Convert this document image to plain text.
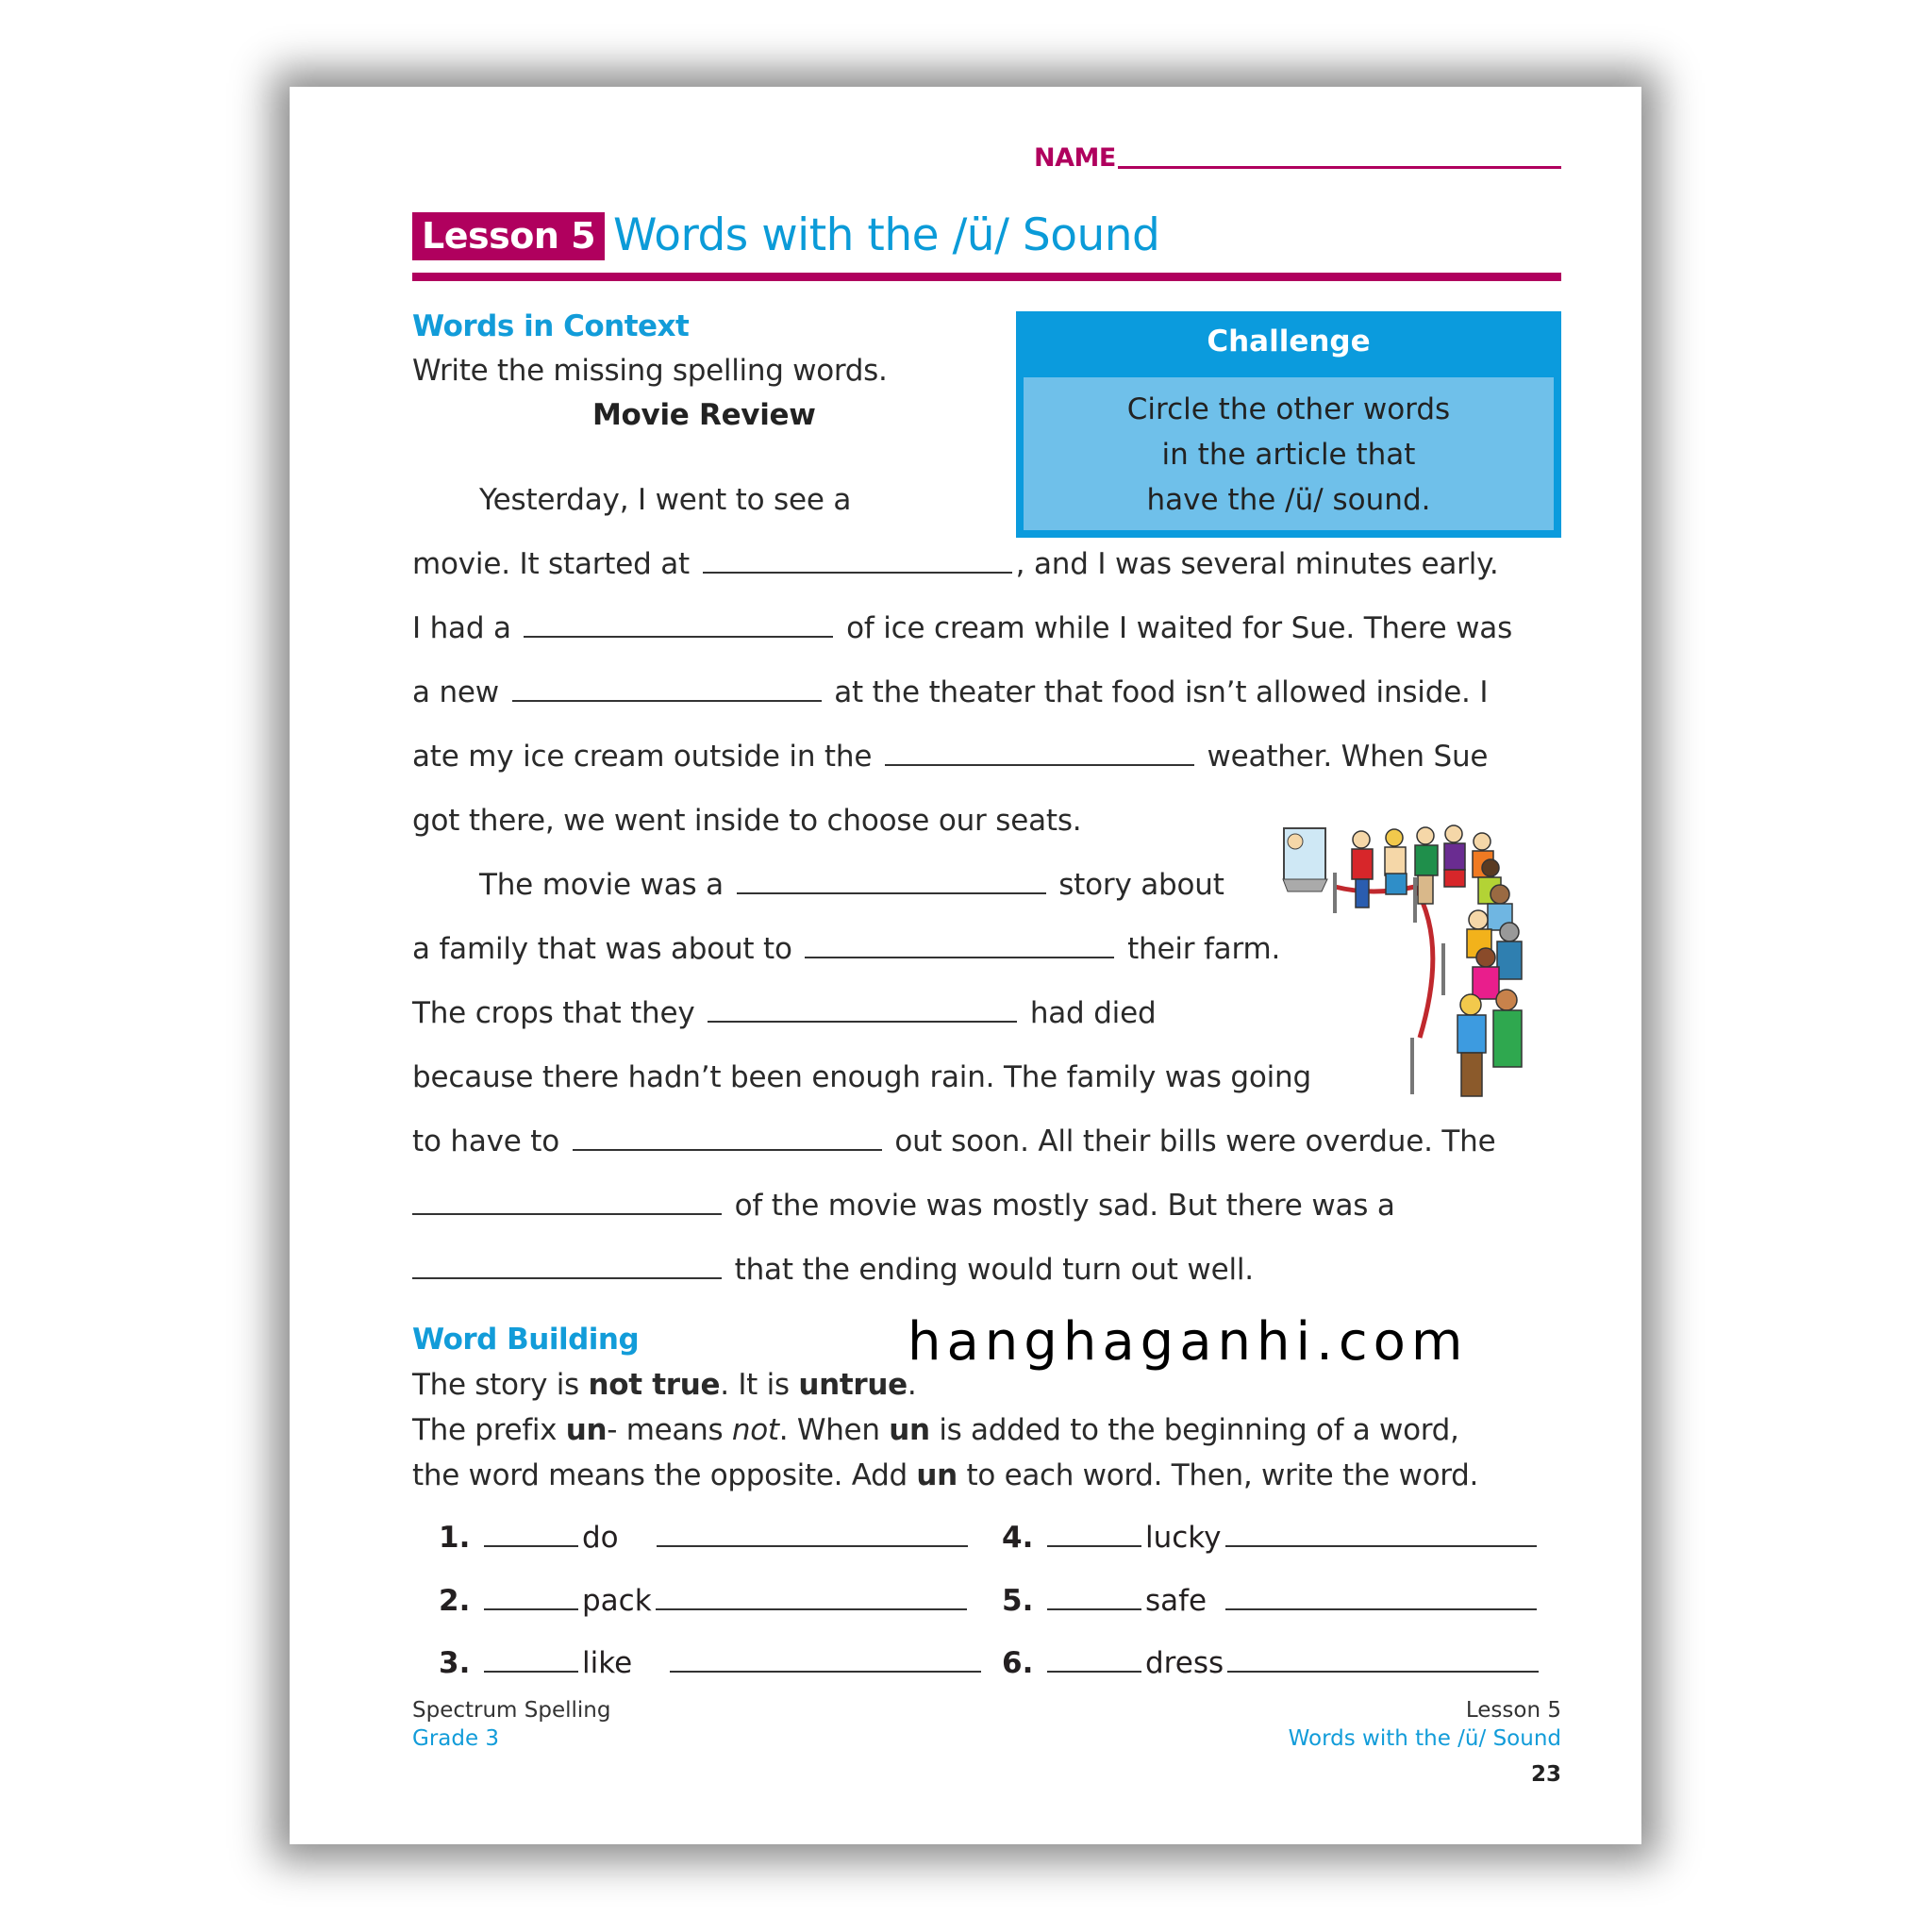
NAME
Lesson 5 Words with the /ü/ Sound
Words in Context
Write the missing spelling words.
Movie Review
Challenge
Circle the other words
in the article that
have the /ü/ sound.
Yesterday, I went to see a
movie. It started at	, and I was several minutes early.
I had a	of ice cream while I waited for Sue. There was
a new	at the theater that food isn’t allowed inside. I
ate my ice cream outside in the	weather. When Sue
got there, we went inside to choose our seats.
The movie was a	story about
a family that was about to	their farm.
The crops that they	had died
because there hadn’t been enough rain. The family was going
to have to	out soon. All their bills were overdue. The
of the movie was mostly sad. But there was a
that the ending would turn out well.
hanghaganhi.com
Word Building
The story is not true. It is untrue.
The prefix un- means not. When un is added to the beginning of a word,
the word means the opposite. Add un to each word. Then, write the word.
1.	do
2.	pack
3.	like
4.	lucky
5.	safe
6.	dress
Spectrum Spelling
Grade 3
Lesson 5
Words with the /ü/ Sound
23
